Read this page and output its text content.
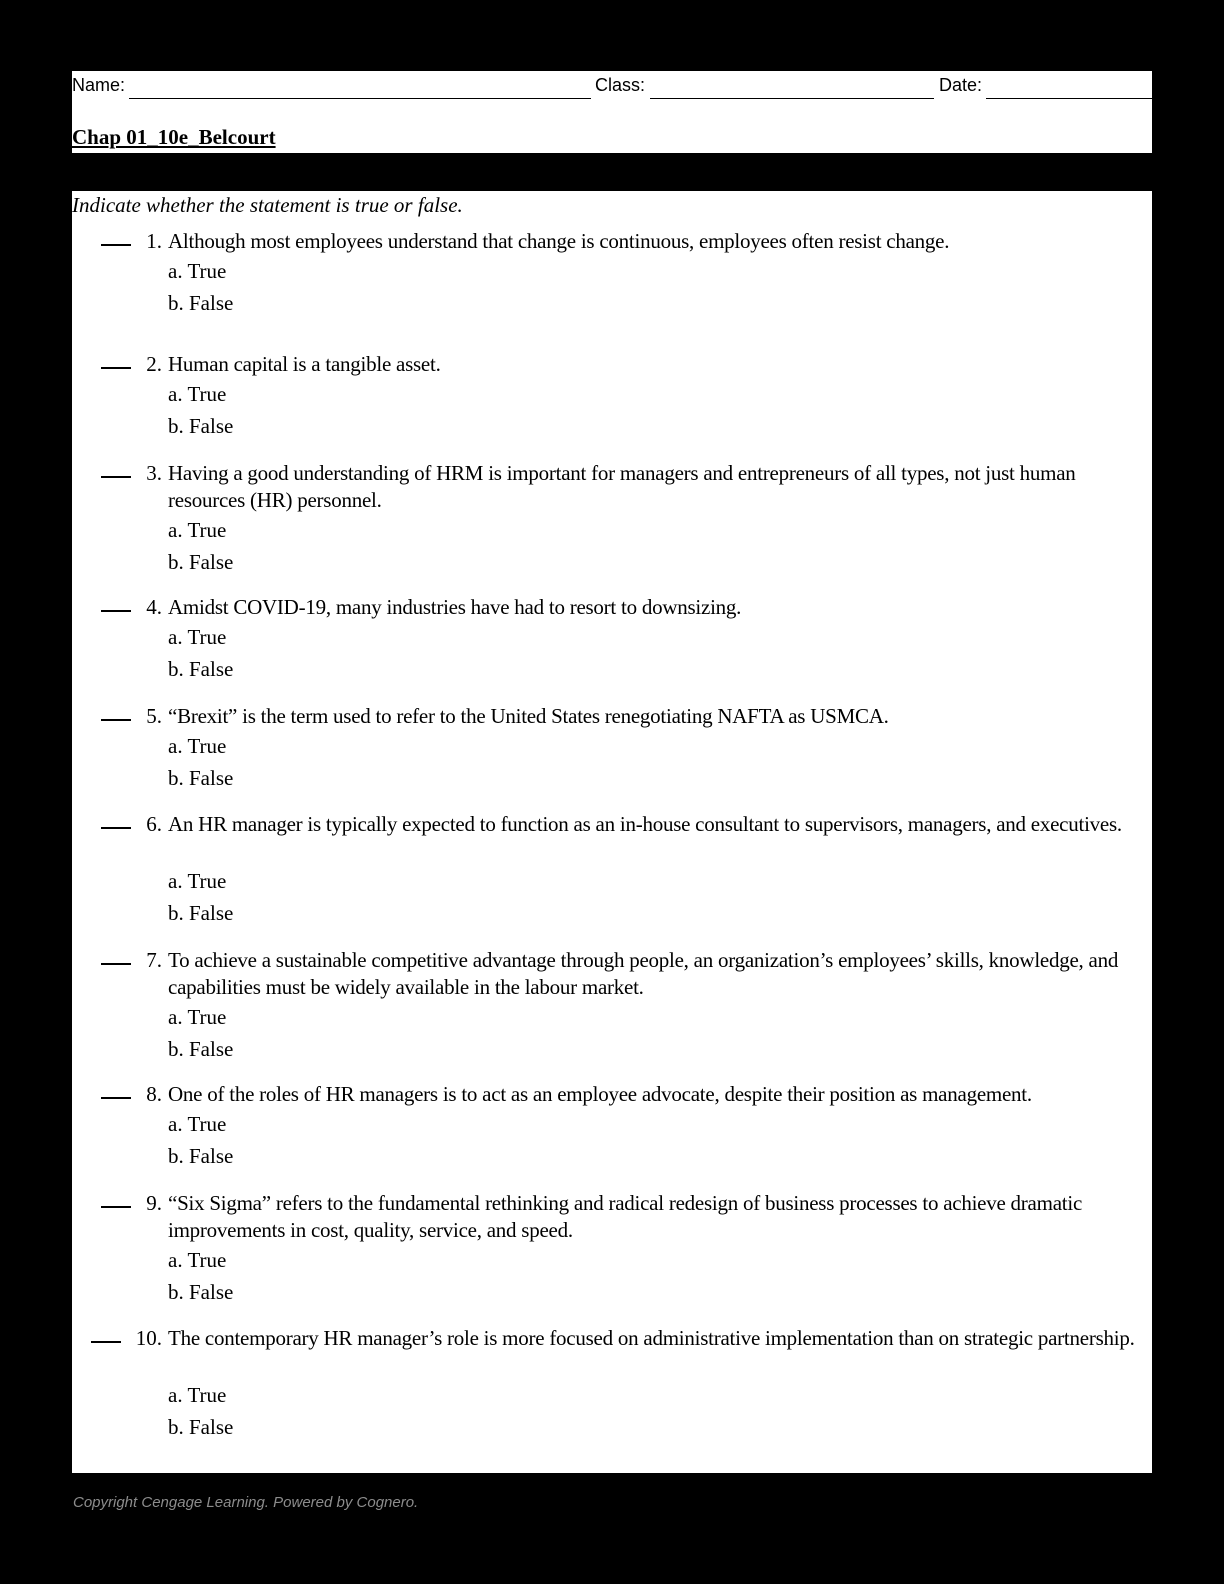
Name:	Class:	Date:
Chap 01_10e_Belcourt
Indicate whether the statement is true or false.
1. Although most employees understand that change is continuous, employees often resist change.
a. True
b. False
2. Human capital is a tangible asset.
a. True
b. False
3. Having a good understanding of HRM is important for managers and entrepreneurs of all types, not just human resources (HR) personnel.
a. True
b. False
4. Amidst COVID-19, many industries have had to resort to downsizing.
a. True
b. False
5. “Brexit” is the term used to refer to the United States renegotiating NAFTA as USMCA.
a. True
b. False
6. An HR manager is typically expected to function as an in-house consultant to supervisors, managers, and executives.
a. True
b. False
7. To achieve a sustainable competitive advantage through people, an organization’s employees’ skills, knowledge, and capabilities must be widely available in the labour market.
a. True
b. False
8. One of the roles of HR managers is to act as an employee advocate, despite their position as management.
a. True
b. False
9. “Six Sigma” refers to the fundamental rethinking and radical redesign of business processes to achieve dramatic improvements in cost, quality, service, and speed.
a. True
b. False
10. The contemporary HR manager’s role is more focused on administrative implementation than on strategic partnership.
a. True
b. False
Copyright Cengage Learning. Powered by Cognero.
